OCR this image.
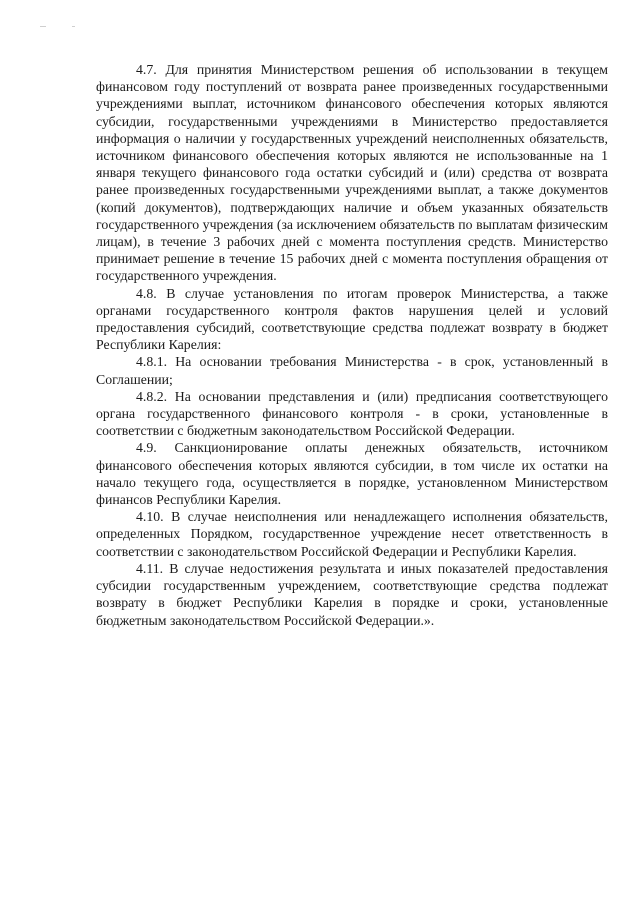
4.7. Для принятия Министерством решения об использовании в текущем финансовом году поступлений от возврата ранее произведенных государственными учреждениями выплат, источником финансового обеспечения которых являются субсидии, государственными учреждениями в Министерство предоставляется информация о наличии у государственных учреждений неисполненных обязательств, источником финансового обеспечения которых являются не использованные на 1 января текущего финансового года остатки субсидий и (или) средства от возврата ранее произведенных государственными учреждениями выплат, а также документов (копий документов), подтверждающих наличие и объем указанных обязательств государственного учреждения (за исключением обязательств по выплатам физическим лицам), в течение 3 рабочих дней с момента поступления средств. Министерство принимает решение в течение 15 рабочих дней с момента поступления обращения от государственного учреждения.

4.8. В случае установления по итогам проверок Министерства, а также органами государственного контроля фактов нарушения целей и условий предоставления субсидий, соответствующие средства подлежат возврату в бюджет Республики Карелия:

4.8.1. На основании требования Министерства - в срок, установленный в Соглашении;

4.8.2. На основании представления и (или) предписания соответствующего органа государственного финансового контроля - в сроки, установленные в соответствии с бюджетным законодательством Российской Федерации.

4.9. Санкционирование оплаты денежных обязательств, источником финансового обеспечения которых являются субсидии, в том числе их остатки на начало текущего года, осуществляется в порядке, установленном Министерством финансов Республики Карелия.

4.10. В случае неисполнения или ненадлежащего исполнения обязательств, определенных Порядком, государственное учреждение несет ответственность в соответствии с законодательством Российской Федерации и Республики Карелия.

4.11. В случае недостижения результата и иных показателей предоставления субсидии государственным учреждением, соответствующие средства подлежат возврату в бюджет Республики Карелия в порядке и сроки, установленные бюджетным законодательством Российской Федерации.».
